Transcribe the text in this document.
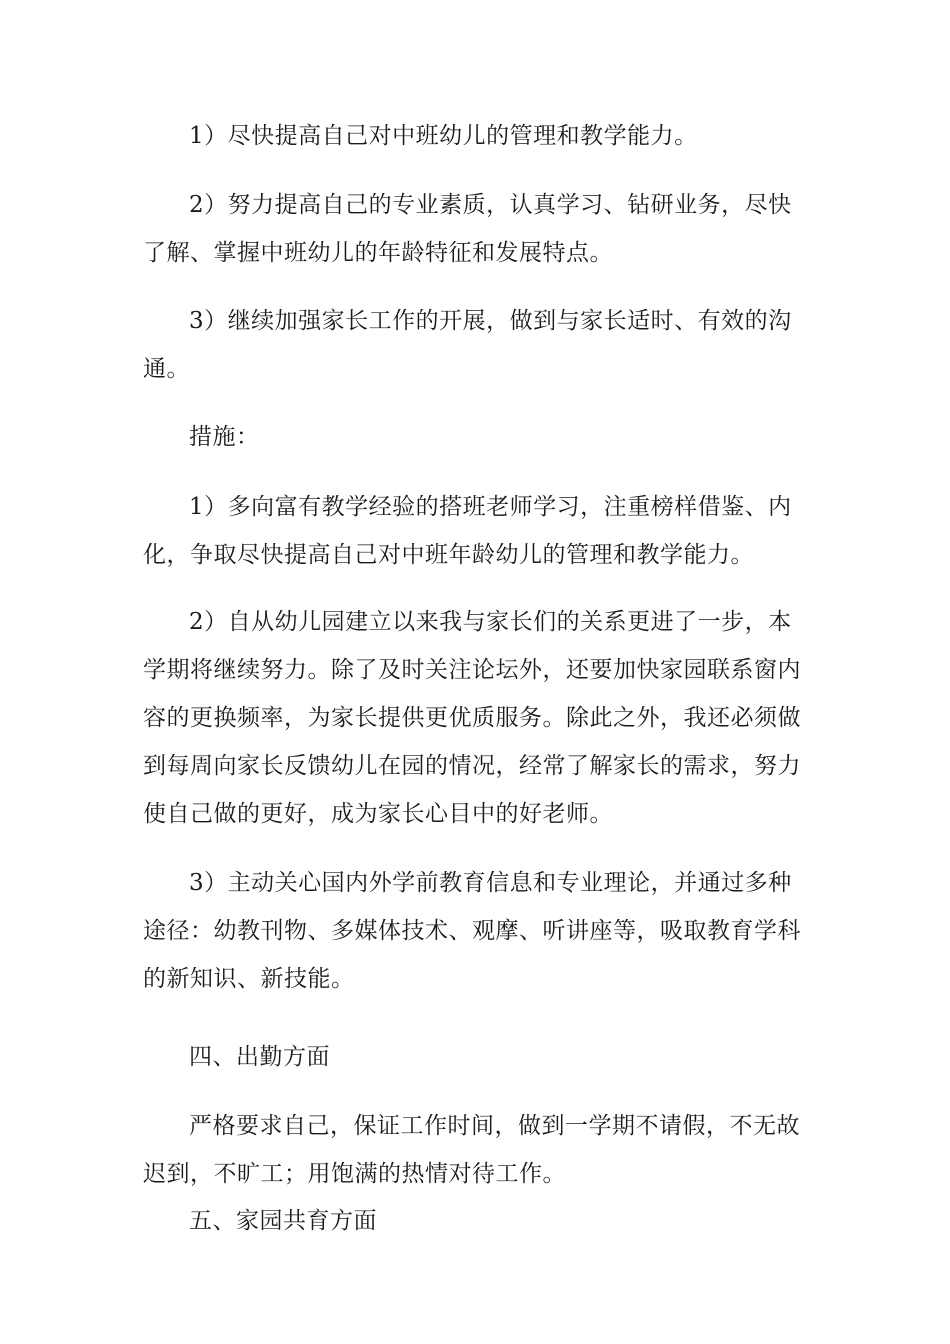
1）尽快提高自己对中班幼儿的管理和教学能力。

2）努力提高自己的专业素质，认真学习、钻研业务，尽快了解、掌握中班幼儿的年龄特征和发展特点。

3）继续加强家长工作的开展，做到与家长适时、有效的沟通。

措施：

1）多向富有教学经验的搭班老师学习，注重榜样借鉴、内化，争取尽快提高自己对中班年龄幼儿的管理和教学能力。

2）自从幼儿园建立以来我与家长们的关系更进了一步，本学期将继续努力。除了及时关注论坛外，还要加快家园联系窗内容的更换频率，为家长提供更优质服务。除此之外，我还必须做到每周向家长反馈幼儿在园的情况，经常了解家长的需求，努力使自己做的更好，成为家长心目中的好老师。

3）主动关心国内外学前教育信息和专业理论，并通过多种途径：幼教刊物、多媒体技术、观摩、听讲座等，吸取教育学科的新知识、新技能。

四、出勤方面

严格要求自己，保证工作时间，做到一学期不请假，不无故迟到，不旷工；用饱满的热情对待工作。

五、家园共育方面
